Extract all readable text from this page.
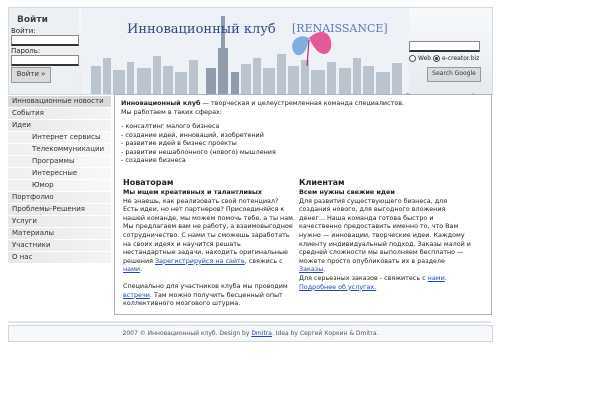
Войти
Войти:
Пароль:
Войти »
Инновационный клуб [RENAISSANCE]
Web	e-creator.biz
Search Google
Инновационные новости
События
Идеи
Интернет сервисы
Телекоммуникации
Программы
Интересные
Юмор
Портфолио
Проблемы-Решения
Услуги
Материалы
Участники
О нас
Инновационный клуб — творческая и целеустремленная команда специалистов.
Мы работаем в таких сферах:
- консалтинг малого бизнеса
- создание идей, инноваций, изобретений
- развитие идей в бизнес проекты
- развитие нешаблонного (нового) мышления
- создание бизнеса
Новаторам
Мы ищем креативных и талантливых
Не знаешь, как реализовать свой потенциал? Есть идеи, но нет партнеров? Присоединяйся к нашей команде, мы можем помочь тебе, а ты нам. Мы предлагаем вам не работу, а взаимовыгодное сотрудничество. С нами ты сможешь заработать на своих идеях и научится решать нестандартные задачи, находить оригинальные решения Зарегистрируйся на сайте, свяжись с нами.
Специально для участников клуба мы проводим встречи. Там можно получить бесценный опыт коллективного мозгового штурма.
Клиентам
Всем нужны свежие идеи
Для развития существующего бизнеса, для создания нового, для выгодного вложения денег... Наша команда готова быстро и качественно предоставить именно то, что Вам нужно — инновации, творческие идеи. Каждому клиенту индивидуальный подход. Заказы малой и средней сложности мы выполняем бесплатно — можете просто опубликовать их в разделе Заказы.
Для серьезных заказов - свяжитесь с нами.
Подробнее об услугах.
2007 © Инновационный клуб. Design by Dmitra. Idea by Сергей Коркин & Dmitra.
